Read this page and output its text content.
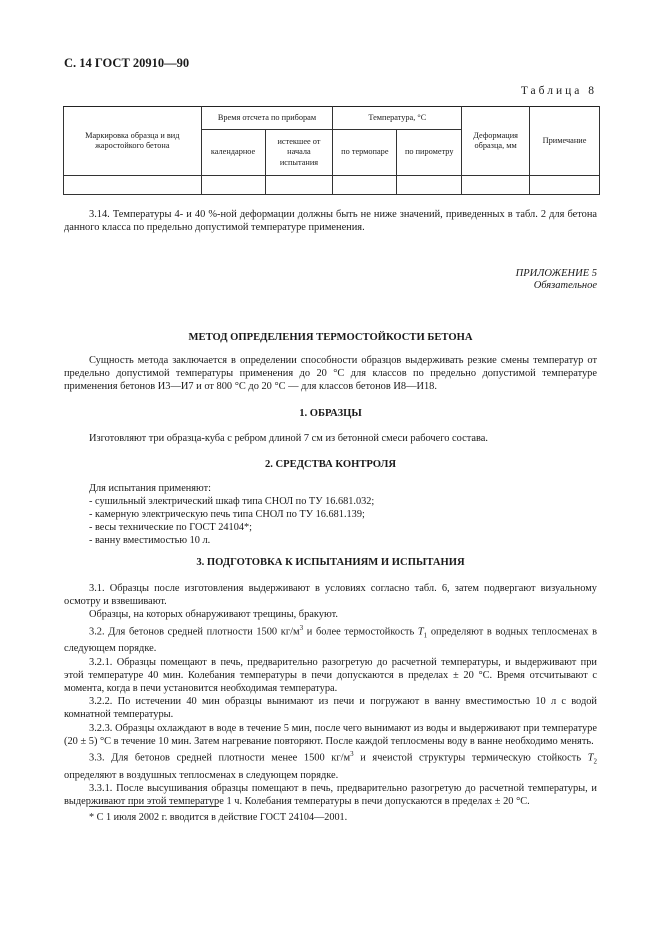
С. 14 ГОСТ 20910—90
Таблица 8
Маркировка образца и вид жаростойкого бетона	Время отсчета по приборам		Температура, °С		Деформация образца, мм	Примечание
	календарное	истекшее от начала испытания	по термопаре	по пирометру		

3.14. Температуры 4- и 40 %-ной деформации должны быть не ниже значений, приведенных в табл. 2 для бетона данного класса по предельно допустимой температуре применения.

ПРИЛОЖЕНИЕ 5
Обязательное
МЕТОД ОПРЕДЕЛЕНИЯ ТЕРМОСТОЙКОСТИ БЕТОНА

Сущность метода заключается в определении способности образцов выдерживать резкие смены температур от предельно допустимой температуры применения до 20 °С для классов по предельно допустимой температуре применения бетонов И3—И7 и от 800 °С до 20 °С — для классов бетонов И8—И18.

1. ОБРАЗЦЫ

Изготовляют три образца-куба с ребром длиной 7 см из бетонной смеси рабочего состава.

2. СРЕДСТВА КОНТРОЛЯ
Для испытания применяют:
- сушильный электрический шкаф типа СНОЛ по ТУ 16.681.032;
- камерную электрическую печь типа СНОЛ по ТУ 16.681.139;
- весы технические по ГОСТ 24104*;
- ванну вместимостью 10 л.
3. ПОДГОТОВКА К ИСПЫТАНИЯМ И ИСПЫТАНИЯ

3.1. Образцы после изготовления выдерживают в условиях согласно табл. 6, затем подвергают визуальному осмотру и взвешивают.

Образцы, на которых обнаруживают трещины, бракуют.

3.2. Для бетонов средней плотности 1500 $кг/м^3$ и более термостойкость $T_1$ определяют в водных теплосменах в следующем порядке.

3.2.1. Образцы помещают в печь, предварительно разогретую до расчетной температуры, и выдерживают при этой температуре 40 мин. Колебания температуры в печи допускаются в пределах ± 20 °С. Время отсчитывают с момента, когда в печи установится необходимая температура.

3.2.2. По истечении 40 мин образцы вынимают из печи и погружают в ванну вместимостью 10 л с водой комнатной температуры.

3.2.3. Образцы охлаждают в воде в течение 5 мин, после чего вынимают из воды и выдерживают при температуре (20 ± 5) °С в течение 10 мин. Затем нагревание повторяют. После каждой теплосмены воду в ванне необходимо менять.

3.3. Для бетонов средней плотности менее 1500 $кг/м^3$ и ячеистой структуры термическую стойкость $T_2$ определяют в воздушных теплосменах в следующем порядке.

3.3.1. После высушивания образцы помещают в печь, предварительно разогретую до расчетной температуры, и выдерживают при этой температуре 1 ч. Колебания температуры в печи допускаются в пределах ± 20 °С.

* С 1 июля 2002 г. вводится в действие ГОСТ 24104—2001.
